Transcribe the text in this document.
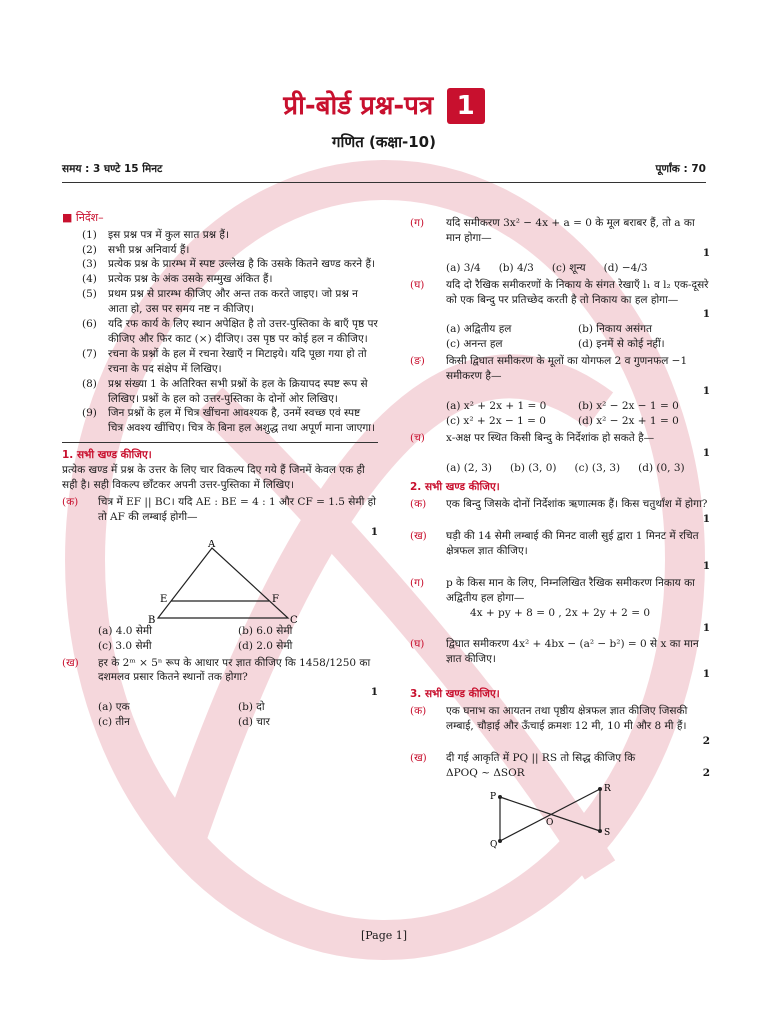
प्री-बोर्ड प्रश्न-पत्र 1
गणित (कक्षा-10)
समय : 3 घण्टे 15 मिनट	पूर्णांक : 70
■ निर्देश–
(1)	इस प्रश्न पत्र में कुल सात प्रश्न हैं।
(2)	सभी प्रश्न अनिवार्य हैं।
(3)	प्रत्येक प्रश्न के प्रारम्भ में स्पष्ट उल्लेख है कि उसके कितने खण्ड करने हैं।
(4)	प्रत्येक प्रश्न के अंक उसके सम्मुख अंकित हैं।
(5)	प्रथम प्रश्न से प्रारम्भ कीजिए और अन्त तक करते जाइए। जो प्रश्न न आता हो, उस पर समय नष्ट न कीजिए।
(6)	यदि रफ कार्य के लिए स्थान अपेक्षित है तो उत्तर-पुस्तिका के बाएँ पृष्ठ पर कीजिए और फिर काट (×) दीजिए। उस पृष्ठ पर कोई हल न कीजिए।
(7)	रचना के प्रश्नों के हल में रचना रेखाएँ न मिटाइये। यदि पूछा गया हो तो रचना के पद संक्षेप में लिखिए।
(8)	प्रश्न संख्या 1 के अतिरिक्त सभी प्रश्नों के हल के क्रियापद स्पष्ट रूप से लिखिए। प्रश्नों के हल को उत्तर-पुस्तिका के दोनों ओर लिखिए।
(9)	जिन प्रश्नों के हल में चित्र खींचना आवश्यक है, उनमें स्वच्छ एवं स्पष्ट चित्र अवश्य खींचिए। चित्र के बिना हल अशुद्ध तथा अपूर्ण माना जाएगा।
1. सभी खण्ड कीजिए।
प्रत्येक खण्ड में प्रश्न के उत्तर के लिए चार विकल्प दिए गये हैं जिनमें केवल एक ही सही है। सही विकल्प छाँटकर अपनी उत्तर-पुस्तिका में लिखिए।
(क)	चित्र में EF || BC। यदि AE : BE = 4 : 1 और CF = 1.5 सेमी हो तो AF की लम्बाई होगी—
1
A
E	F
B	C
(a) 4.0 सेमी	(b) 6.0 सेमी
(c) 3.0 सेमी	(d) 2.0 सेमी
(ख)	हर के 2ᵐ × 5ⁿ रूप के आधार पर ज्ञात कीजिए कि 1458/1250 का दशमलव प्रसार कितने स्थानों तक होगा?
1
(a) एक	(b) दो
(c) तीन	(d) चार
(ग)	यदि समीकरण 3x² − 4x + a = 0 के मूल बराबर हैं, तो a का मान होगा—
1
(a) 3/4 (b) 4/3 (c) शून्य (d) −4/3
(घ)	यदि दो रैखिक समीकरणों के निकाय के संगत रेखाएँ l₁ व l₂ एक-दूसरे को एक बिन्दु पर प्रतिच्छेद करती है तो निकाय का हल होगा—
1
(a) अद्वितीय हल	(b) निकाय असंगत
(c) अनन्त हल	(d) इनमें से कोई नहीं।
(ङ)	किसी द्विघात समीकरण के मूलों का योगफल 2 व गुणनफल −1 समीकरण है—
1
(a) x² + 2x + 1 = 0	(b) x² − 2x − 1 = 0
(c) x² + 2x − 1 = 0	(d) x² − 2x + 1 = 0
(च)	x-अक्ष पर स्थित किसी बिन्दु के निर्देशांक हो सकते है—
1
(a) (2, 3) (b) (3, 0) (c) (3, 3) (d) (0, 3)
2. सभी खण्ड कीजिए।
(क)	एक बिन्दु जिसके दोनों निर्देशांक ऋणात्मक हैं। किस चतुर्थांश में होगा?
1
(ख)	घड़ी की 14 सेमी लम्बाई की मिनट वाली सुई द्वारा 1 मिनट में रचित क्षेत्रफल ज्ञात कीजिए।
1
(ग)	p के किस मान के लिए, निम्नलिखित रैखिक समीकरण निकाय का अद्वितीय हल होगा—
4x + py + 8 = 0 , 2x + 2y + 2 = 0
1
(घ)	द्विघात समीकरण 4x² + 4bx − (a² − b²) = 0 से x का मान ज्ञात कीजिए।
1
3. सभी खण्ड कीजिए।
(क)	एक घनाभ का आयतन तथा पृष्ठीय क्षेत्रफल ज्ञात कीजिए जिसकी लम्बाई, चौड़ाई और ऊँचाई क्रमशः 12 मी, 10 मी और 8 मी हैं।
2
(ख)	दी गई आकृति में PQ || RS तो सिद्ध कीजिए कि
ΔPOQ ~ ΔSOR	2
P
Q
O
R
S
[Page 1]
